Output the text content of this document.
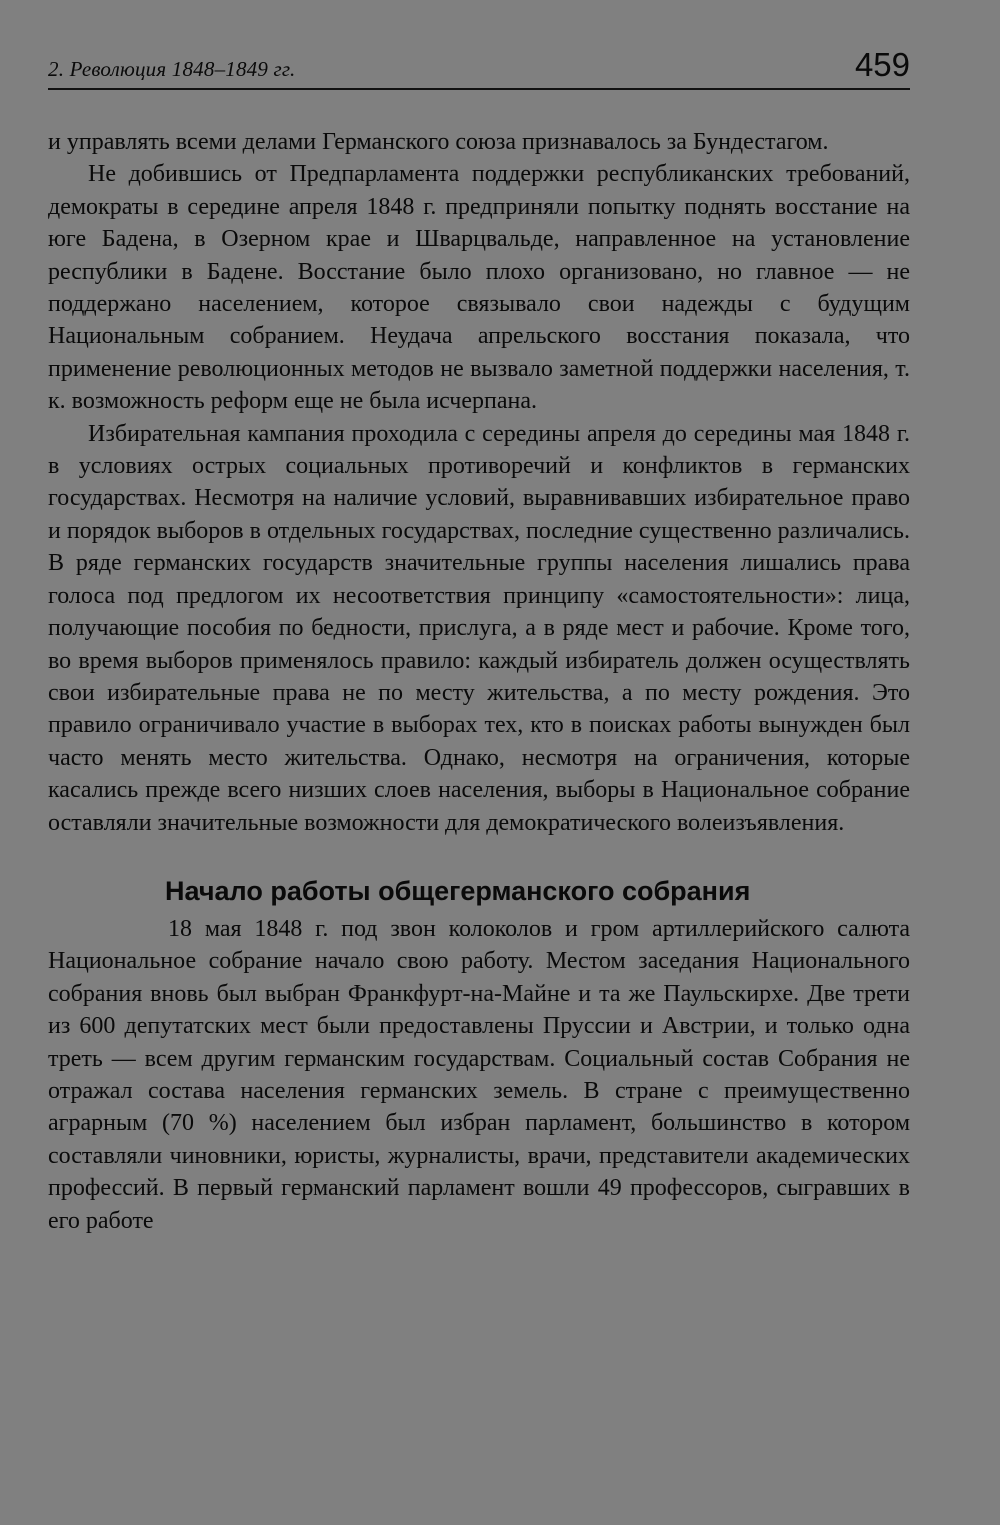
2. Революция 1848–1849 гг.	459

и управлять всеми делами Германского союза признавалось за Бундестагом.

Не добившись от Предпарламента поддержки республиканских требований, демократы в середине апреля 1848 г. предприняли попытку поднять восстание на юге Бадена, в Озерном крае и Шварцвальде, направленное на установление республики в Бадене. Восстание было плохо организовано, но главное — не поддержано населением, которое связывало свои надежды с будущим Национальным собранием. Неудача апрельского восстания показала, что применение революционных методов не вызвало заметной поддержки населения, т. к. возможность реформ еще не была исчерпана.

Избирательная кампания проходила с середины апреля до середины мая 1848 г. в условиях острых социальных противоречий и конфликтов в германских государствах. Несмотря на наличие условий, выравнивавших избирательное право и порядок выборов в отдельных государствах, последние существенно различались. В ряде германских государств значительные группы населения лишались права голоса под предлогом их несоответствия принципу «самостоятельности»: лица, получающие пособия по бедности, прислуга, а в ряде мест и рабочие. Кроме того, во время выборов применялось правило: каждый избиратель должен осуществлять свои избирательные права не по месту жительства, а по месту рождения. Это правило ограничивало участие в выборах тех, кто в поисках работы вынужден был часто менять место жительства. Однако, несмотря на ограничения, которые касались прежде всего низших слоев населения, выборы в Национальное собрание оставляли значительные возможности для демократического волеизъявления.

Начало работы общегерманского собрания

18 мая 1848 г. под звон колоколов и гром артиллерийского салюта Национальное собрание начало свою работу. Местом заседания Национального собрания вновь был выбран Франкфурт-на-Майне и та же Паульскирхе. Две трети из 600 депутатских мест были предоставлены Пруссии и Австрии, и только одна треть — всем другим германским государствам. Социальный состав Собрания не отражал состава населения германских земель. В стране с преимущественно аграрным (70 %) населением был избран парламент, большинство в котором составляли чиновники, юристы, журналисты, врачи, представители академических профессий. В первый германский парламент вошли 49 профессоров, сыгравших в его работе
